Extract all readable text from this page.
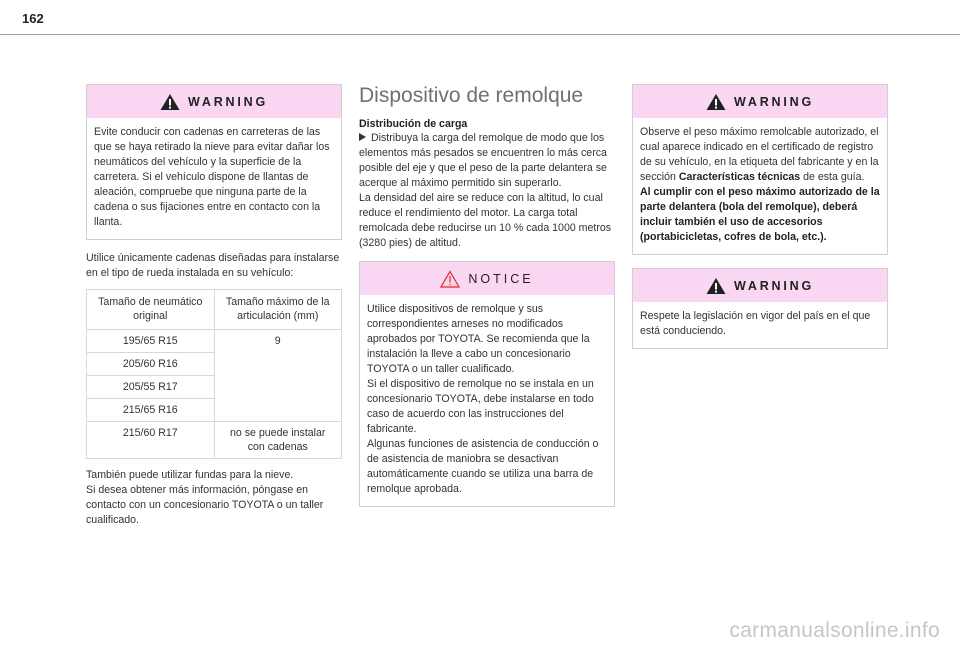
162
WARNING

Evite conducir con cadenas en carreteras de las que se haya retirado la nieve para evitar dañar los neumáticos del vehículo y la superficie de la carretera. Si el vehículo dispone de llantas de aleación, compruebe que ninguna parte de la cadena o sus fijaciones entre en contacto con la llanta.

Utilice únicamente cadenas diseñadas para instalarse en el tipo de rueda instalada en su vehículo:

Tamaño de neumático original	Tamaño máximo de la articulación (mm)
195/65 R15	9
205/60 R16	
205/55 R17	
215/65 R16	
215/60 R17	no se puede instalar con cadenas

También puede utilizar fundas para la nieve.

Si desea obtener más información, póngase en contacto con un concesionario TOYOTA o un taller cualificado.

Dispositivo de remolque

Distribución de carga

Distribuya la carga del remolque de modo que los elementos más pesados se encuentren lo más cerca posible del eje y que el peso de la parte delantera se acerque al máximo permitido sin superarlo.

La densidad del aire se reduce con la altitud, lo cual reduce el rendimiento del motor. La carga total remolcada debe reducirse un 10 % cada 1000 metros (3280 pies) de altitud.

NOTICE

Utilice dispositivos de remolque y sus correspondientes arneses no modificados aprobados por TOYOTA. Se recomienda que la instalación la lleve a cabo un concesionario TOYOTA o un taller cualificado.

Si el dispositivo de remolque no se instala en un concesionario TOYOTA, debe instalarse en todo caso de acuerdo con las instrucciones del fabricante.

Algunas funciones de asistencia de conducción o de asistencia de maniobra se desactivan automáticamente cuando se utiliza una barra de remolque aprobada.

WARNING

Observe el peso máximo remolcable autorizado, el cual aparece indicado en el certificado de registro de su vehículo, en la etiqueta del fabricante y en la sección Características técnicas de esta guía.

Al cumplir con el peso máximo autorizado de la parte delantera (bola del remolque), deberá incluir también el uso de accesorios (portabicicletas, cofres de bola, etc.).

WARNING

Respete la legislación en vigor del país en el que está conduciendo.

carmanualsonline.info
